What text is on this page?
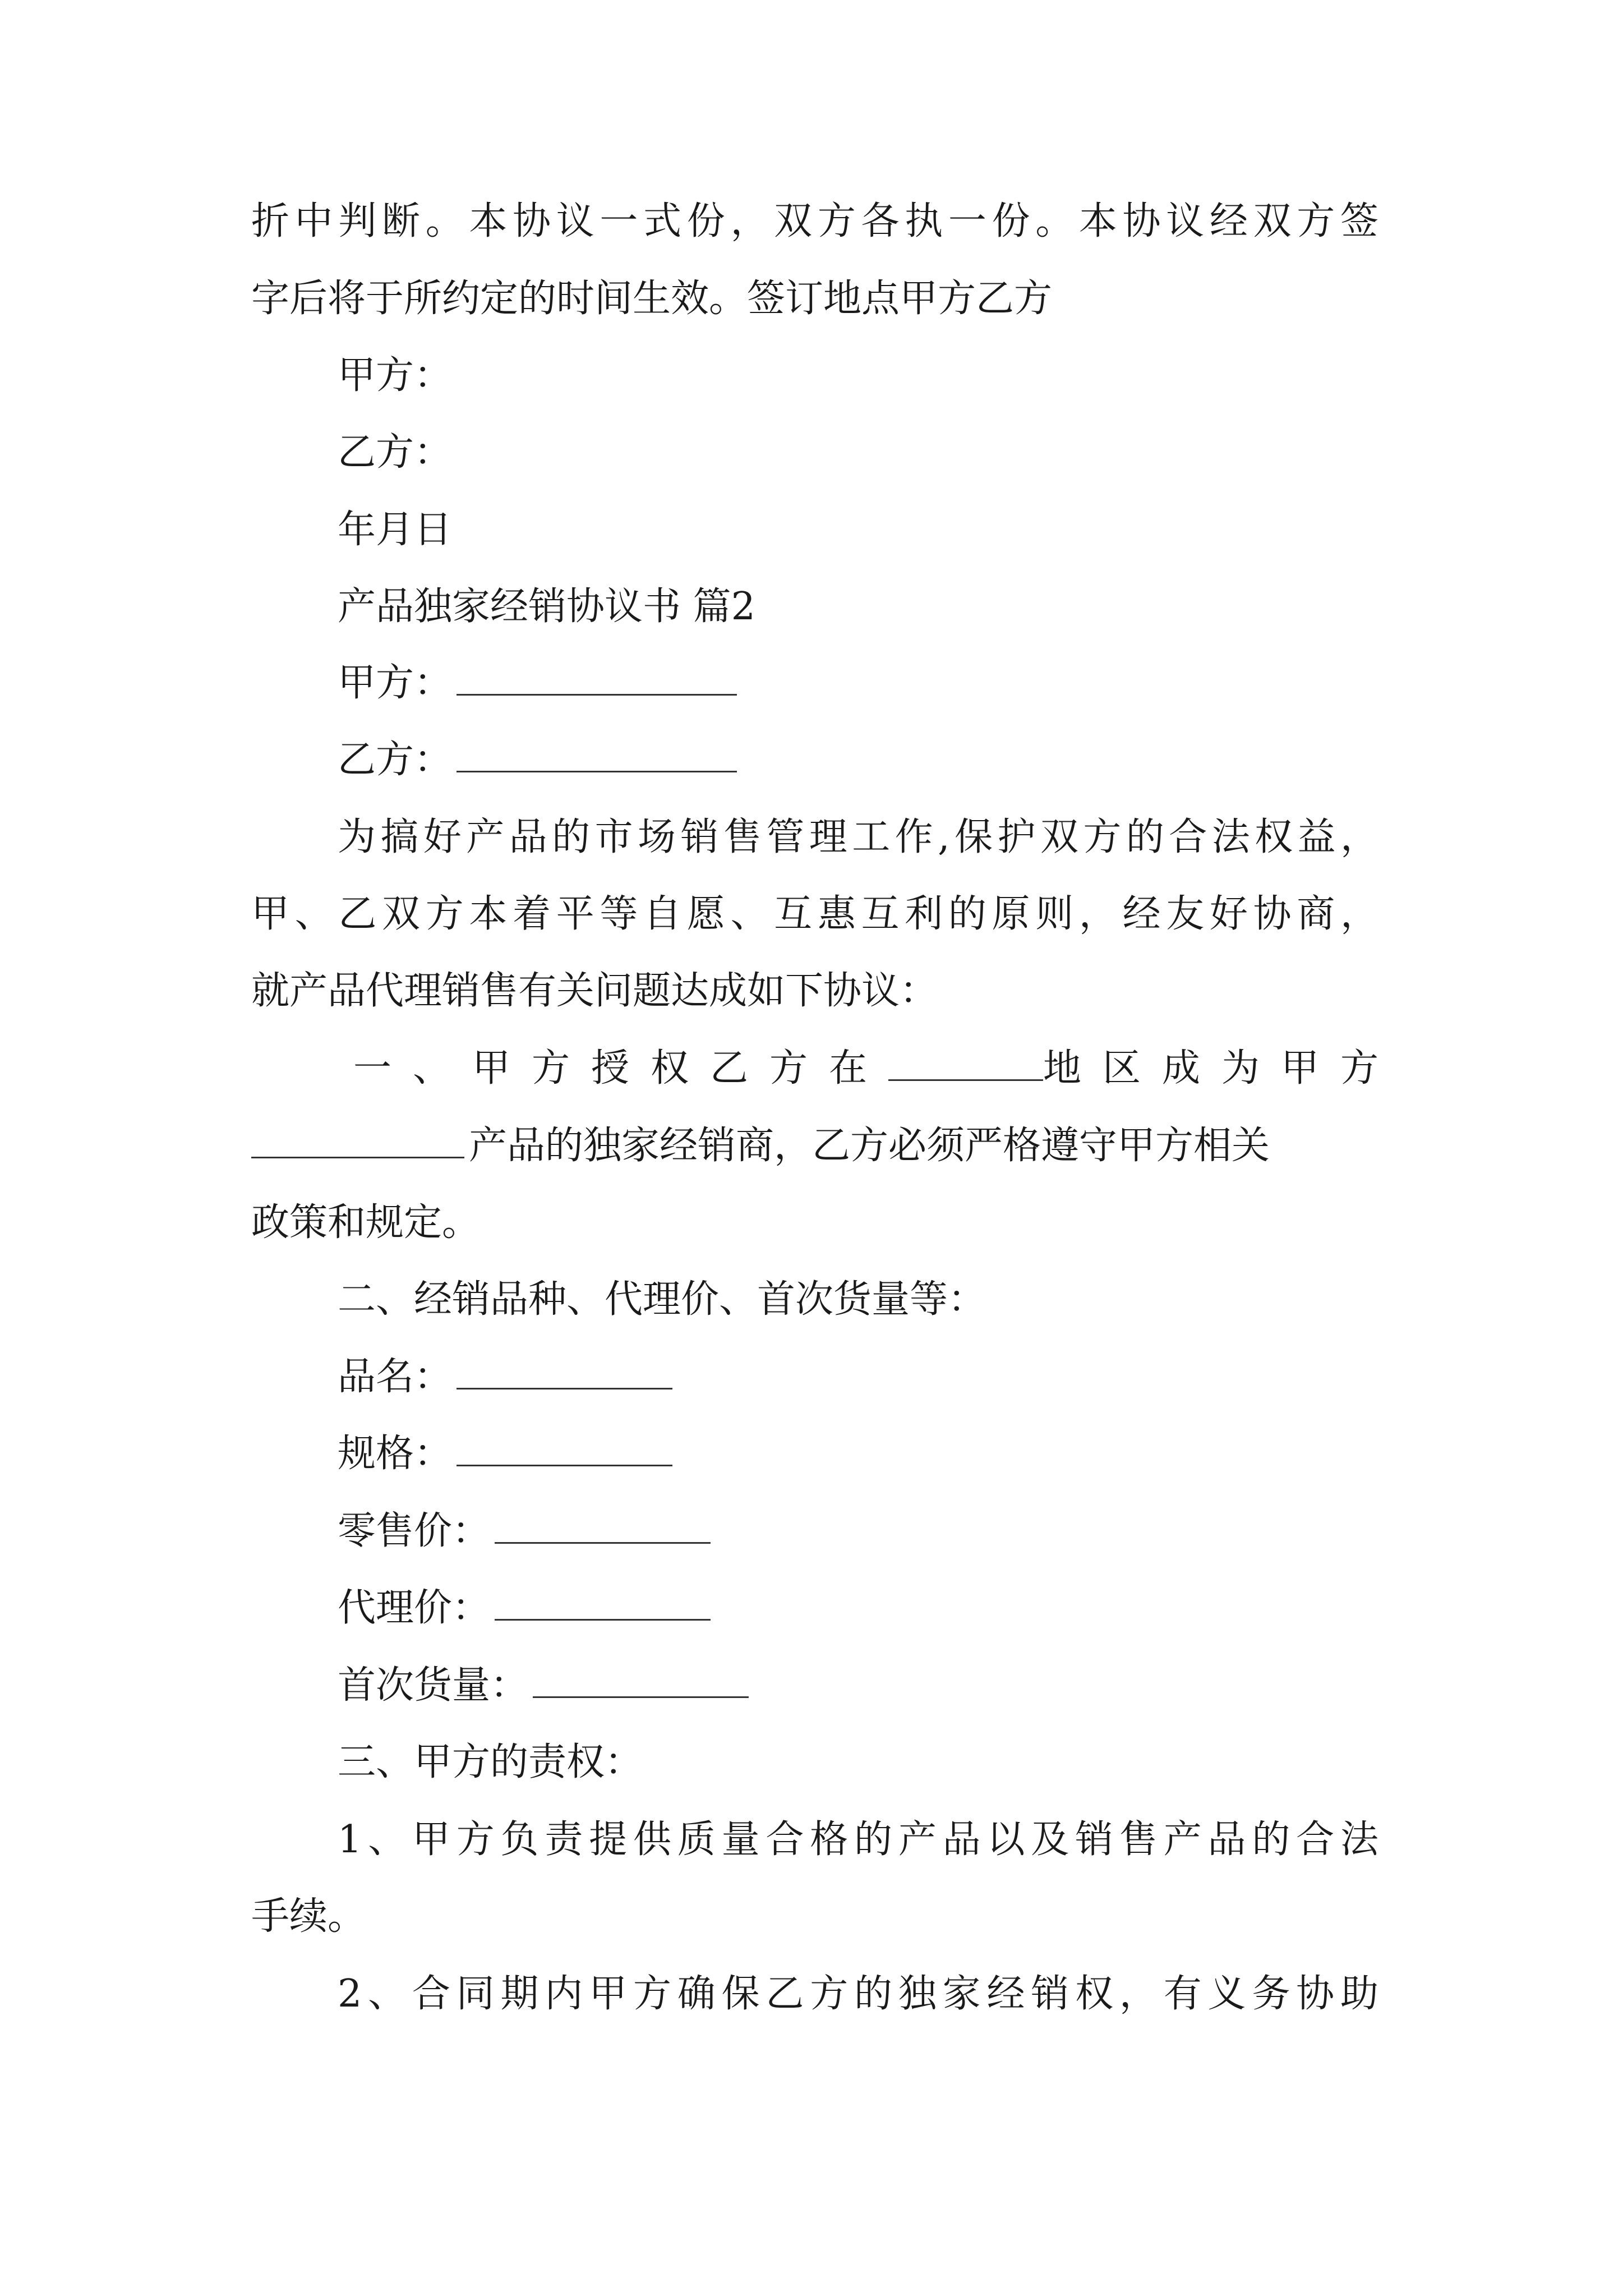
折中判断。本协议一式份，双方各执一份。本协议经双方签
字后将于所约定的时间生效。签订地点甲方乙方
甲方：
乙方：
年月日
产品独家经销协议书 篇2
甲方：
乙方：
为搞好产品的市场销售管理工作,保护双方的合法权益，
甲、乙双方本着平等自愿、互惠互利的原则，经友好协商，
就产品代理销售有关问题达成如下协议：
一、甲方授权乙方在	地区成为甲方
产品的独家经销商，乙方必须严格遵守甲方相关
政策和规定。
二、经销品种、代理价、首次货量等：
品名：
规格：
零售价：
代理价：
首次货量：
三、甲方的责权：
1、甲方负责提供质量合格的产品以及销售产品的合法
手续。
2、合同期内甲方确保乙方的独家经销权，有义务协助
